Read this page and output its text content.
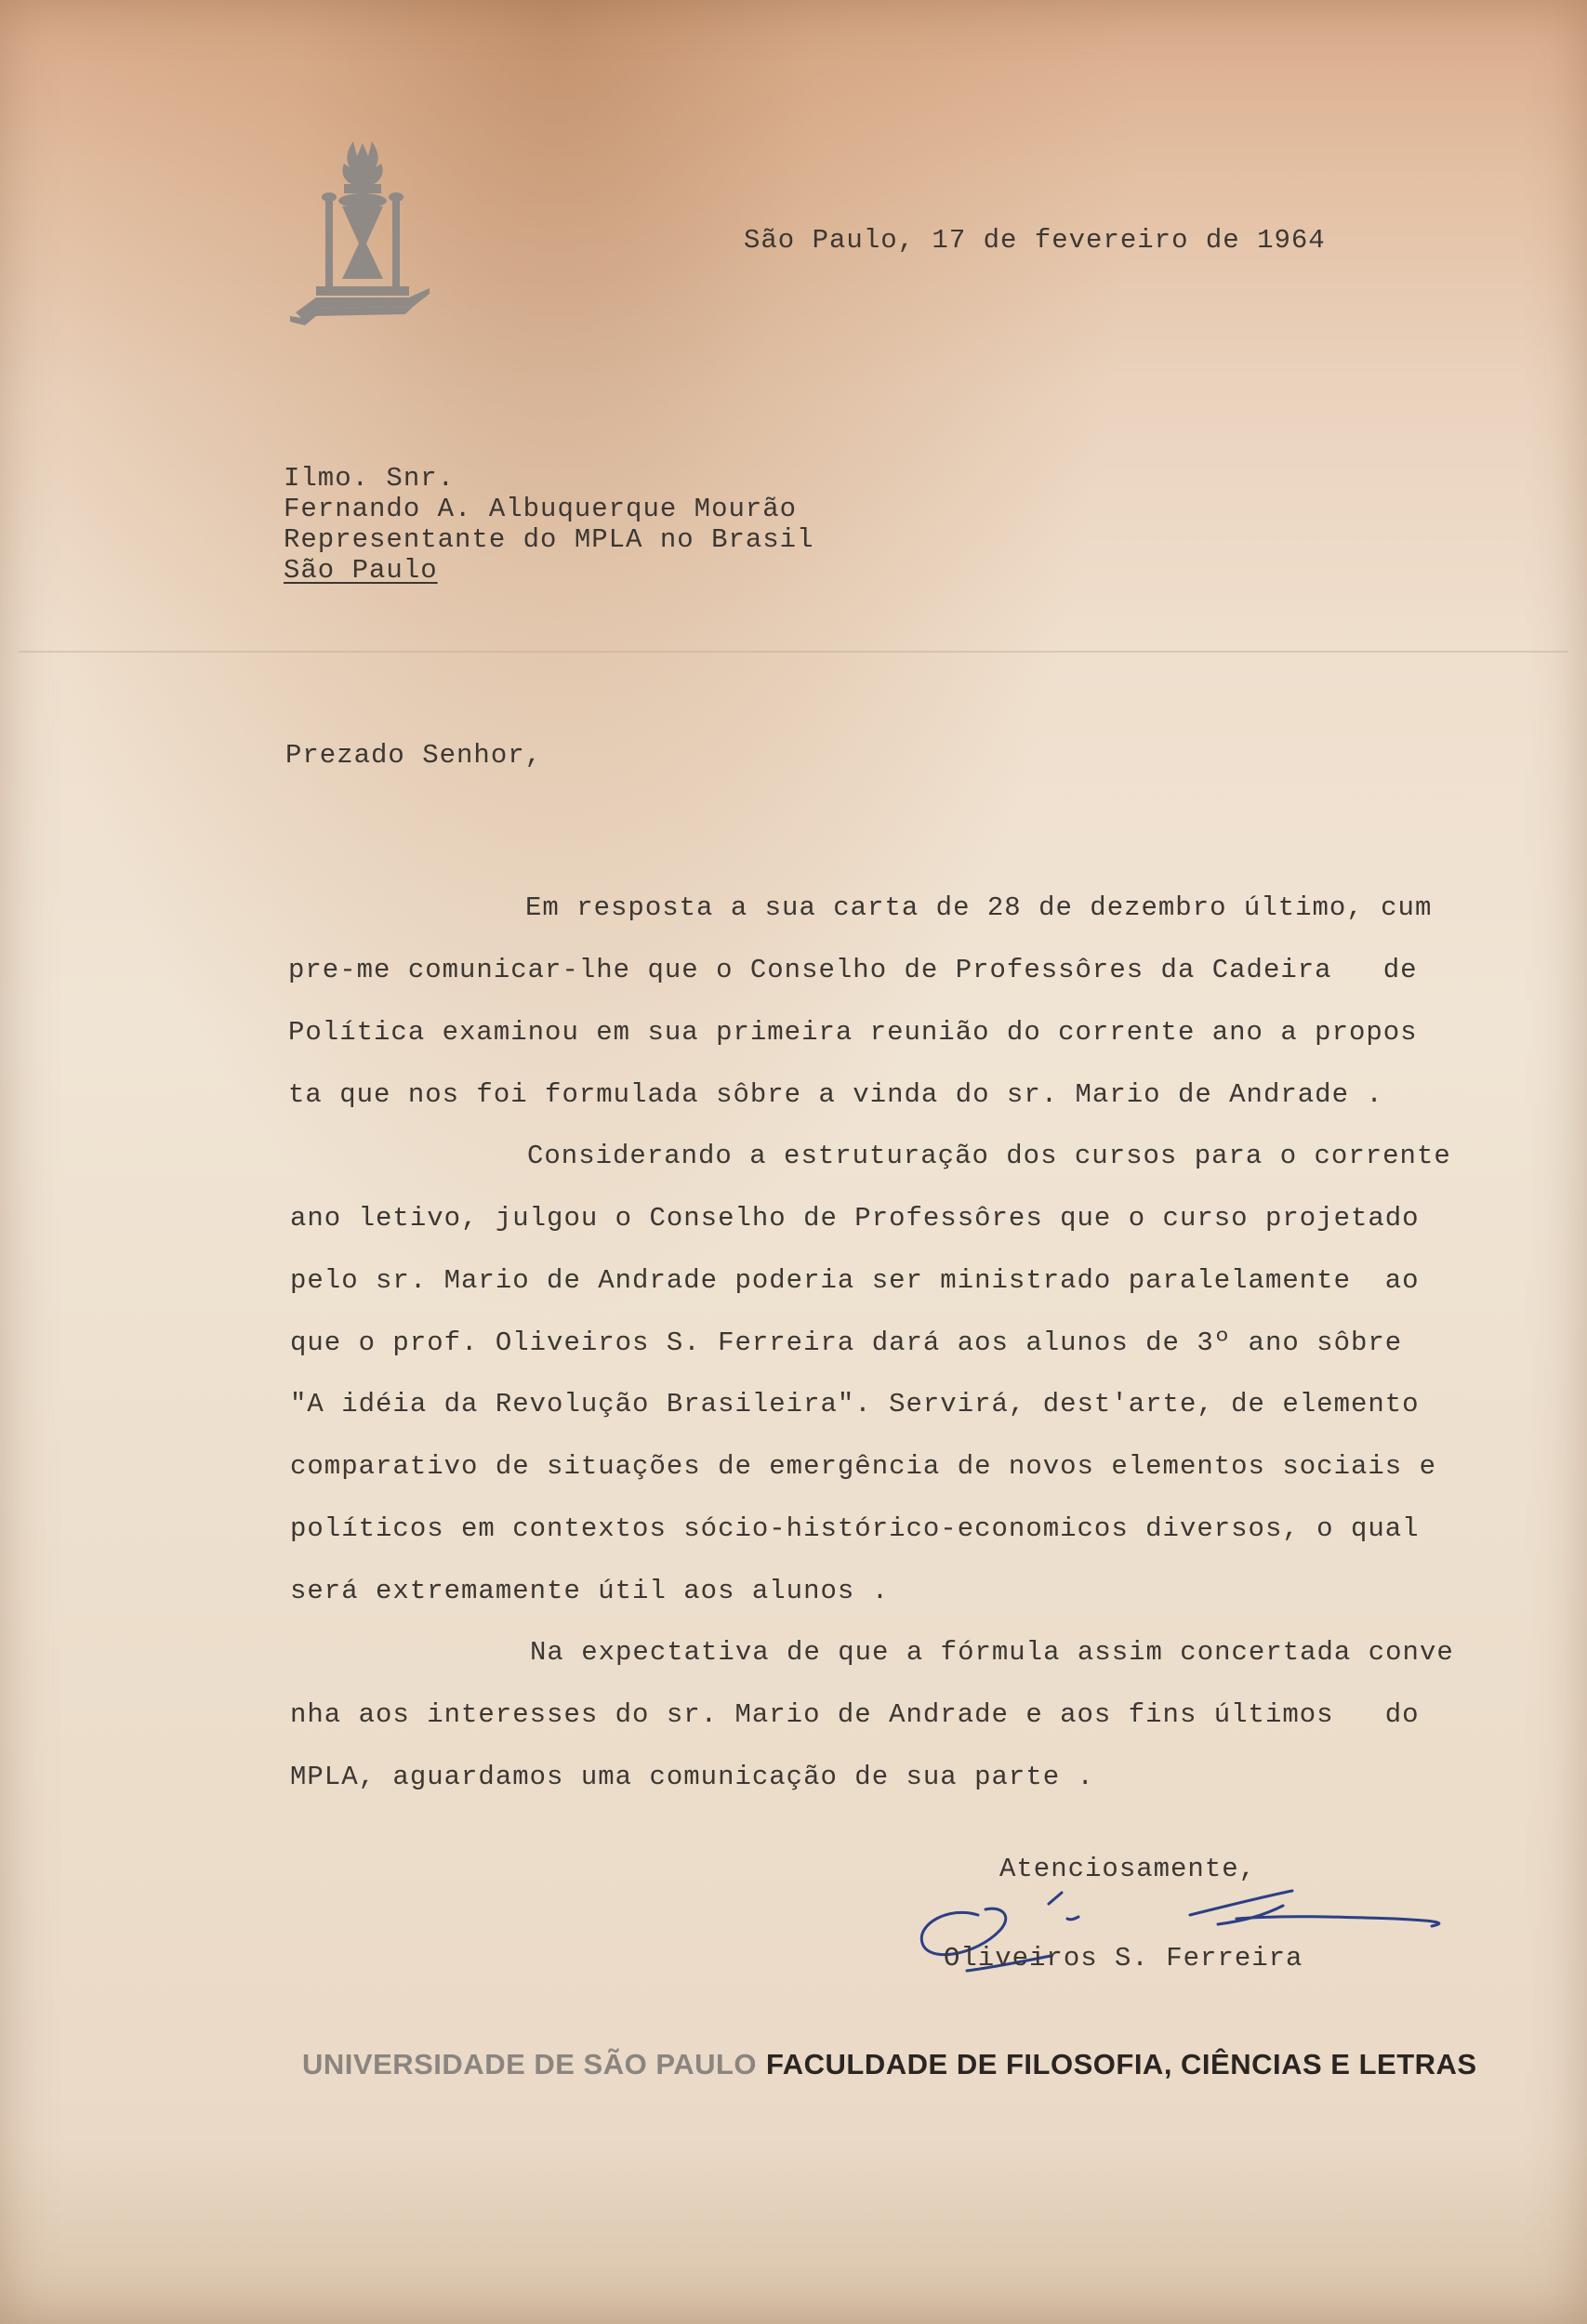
São Paulo, 17 de fevereiro de 1964
Ilmo. Snr.
Fernando A. Albuquerque Mourão
Representante do MPLA no Brasil
São Paulo
Prezado Senhor,
Em resposta a sua carta de 28 de dezembro último, cum
pre-me comunicar-lhe que o Conselho de Professôres da Cadeira   de
Política examinou em sua primeira reunião do corrente ano a propos
ta que nos foi formulada sôbre a vinda do sr. Mario de Andrade .
Considerando a estruturação dos cursos para o corrente
ano letivo, julgou o Conselho de Professôres que o curso projetado
pelo sr. Mario de Andrade poderia ser ministrado paralelamente  ao
que o prof. Oliveiros S. Ferreira dará aos alunos de 3º ano sôbre
"A idéia da Revolução Brasileira". Servirá, dest'arte, de elemento
comparativo de situações de emergência de novos elementos sociais e
políticos em contextos sócio-histórico-economicos diversos, o qual
será extremamente útil aos alunos .
Na expectativa de que a fórmula assim concertada conve
nha aos interesses do sr. Mario de Andrade e aos fins últimos   do
MPLA, aguardamos uma comunicação de sua parte .
Atenciosamente,
Oliveiros S. Ferreira
UNIVERSIDADE DE SÃO PAULO FACULDADE DE FILOSOFIA, CIÊNCIAS E LETRAS
